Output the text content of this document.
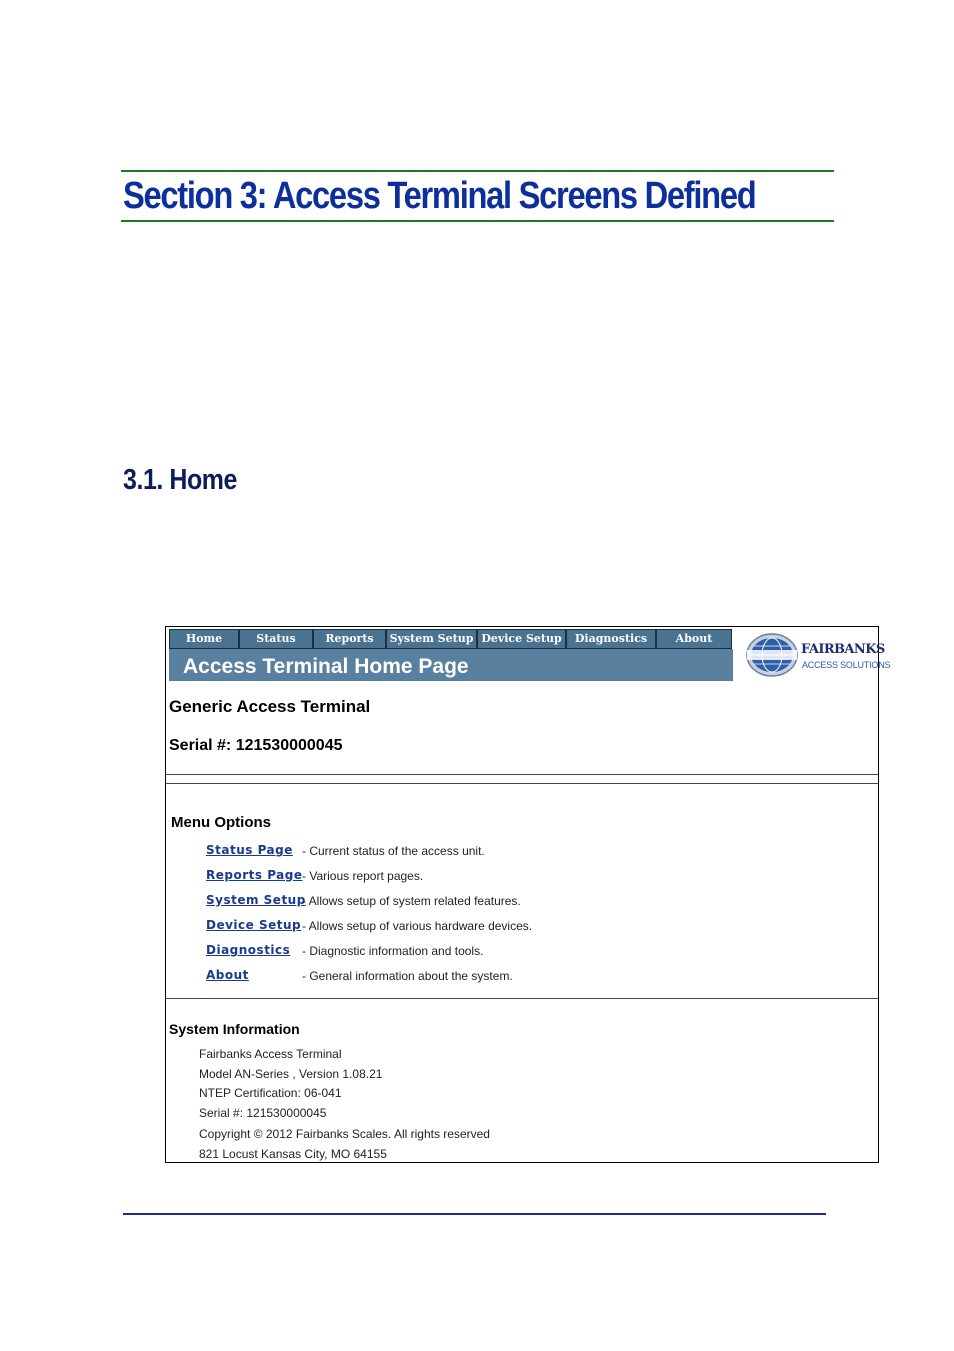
Section 3: Access Terminal Screens Defined
3.1. Home
Home	Status	Reports	System Setup Device Setup	Diagnostics	About
Access Terminal Home Page
FAIRBANKS
ACCESS SOLUTIONS
Generic Access Terminal
Serial #: 121530000045
Menu Options
Status Page - Current status of the access unit.
Reports Page - Various report pages.
System Setup
- Allows setup of system related features.
Device Setup - Allows setup of various hardware devices.
Diagnostics - Diagnostic information and tools.
About	- General information about the system.
System Information
Fairbanks Access Terminal
Model AN-Series , Version 1.08.21
NTEP Certification: 06-041
Serial #: 121530000045
Copyright © 2012 Fairbanks Scales. All rights reserved
821 Locust Kansas City, MO 64155
